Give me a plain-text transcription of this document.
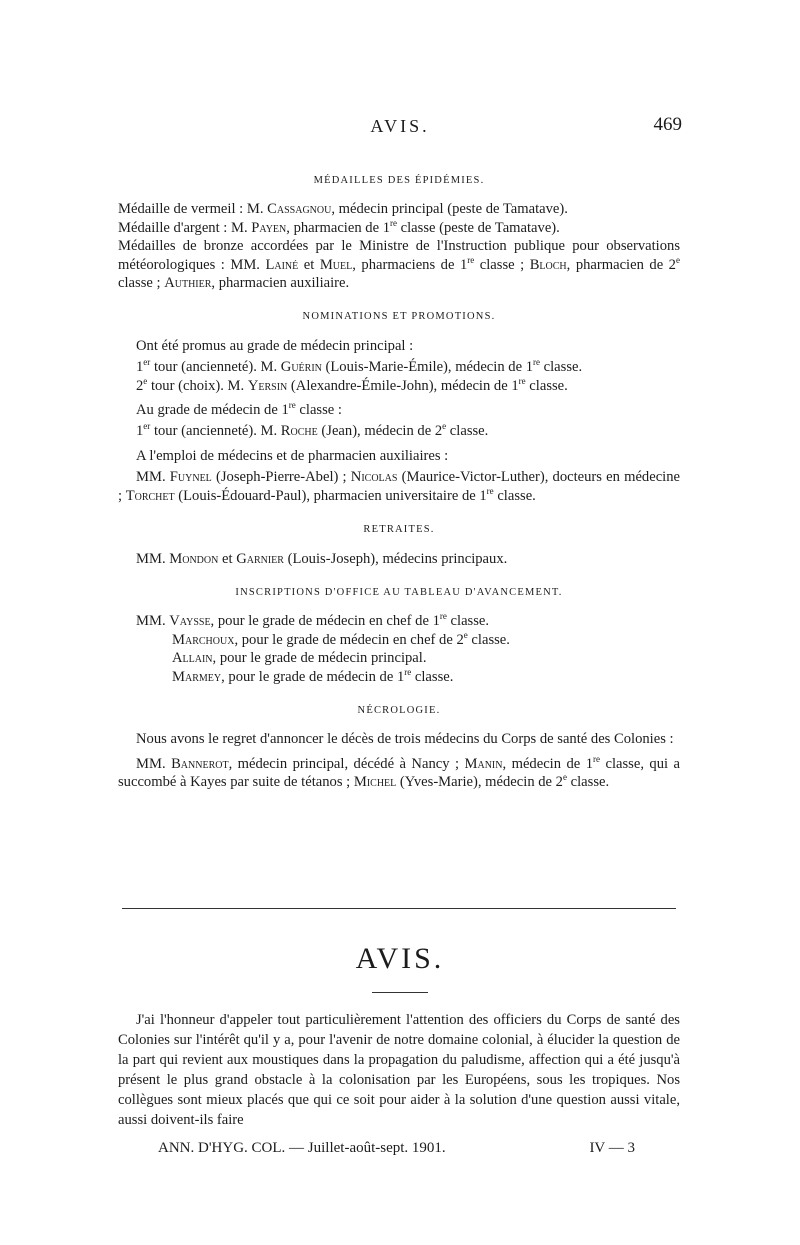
AVIS.	469
MÉDAILLES DES ÉPIDÉMIES.

Médaille de vermeil : M. Cassagnou, médecin principal (peste de Tamatave).

Médaille d'argent : M. Payen, pharmacien de 1re classe (peste de Tamatave).

Médailles de bronze accordées par le Ministre de l'Instruction publique pour observations météorologiques : MM. Lainé et Muel, pharmaciens de 1re classe ; Bloch, pharmacien de 2e classe ; Authier, pharmacien auxiliaire.

NOMINATIONS ET PROMOTIONS.

Ont été promus au grade de médecin principal :

1er tour (ancienneté). M. Guérin (Louis-Marie-Émile), médecin de 1re classe.

2e tour (choix). M. Yersin (Alexandre-Émile-John), médecin de 1re classe.

Au grade de médecin de 1re classe :

1er tour (ancienneté). M. Roche (Jean), médecin de 2e classe.

A l'emploi de médecins et de pharmacien auxiliaires :

MM. Fuynel (Joseph-Pierre-Abel) ; Nicolas (Maurice-Victor-Luther), docteurs en médecine ; Torchet (Louis-Édouard-Paul), pharmacien universitaire de 1re classe.

RETRAITES.

MM. Mondon et Garnier (Louis-Joseph), médecins principaux.

INSCRIPTIONS D'OFFICE AU TABLEAU D'AVANCEMENT.

MM. Vaysse, pour le grade de médecin en chef de 1re classe.

Marchoux, pour le grade de médecin en chef de 2e classe.

Allain, pour le grade de médecin principal.

Marmey, pour le grade de médecin de 1re classe.

NÉCROLOGIE.

Nous avons le regret d'annoncer le décès de trois médecins du Corps de santé des Colonies :

MM. Bannerot, médecin principal, décédé à Nancy ; Manin, médecin de 1re classe, qui a succombé à Kayes par suite de tétanos ; Michel (Yves-Marie), médecin de 2e classe.

AVIS.

J'ai l'honneur d'appeler tout particulièrement l'attention des officiers du Corps de santé des Colonies sur l'intérêt qu'il y a, pour l'avenir de notre domaine colonial, à élucider la question de la part qui revient aux moustiques dans la propagation du paludisme, affection qui a été jusqu'à présent le plus grand obstacle à la colonisation par les Européens, sous les tropiques. Nos collègues sont mieux placés que qui ce soit pour aider à la solution d'une question aussi vitale, aussi doivent-ils faire

ANN. D'HYG. COL. — Juillet-août-sept. 1901.	IV — 3
